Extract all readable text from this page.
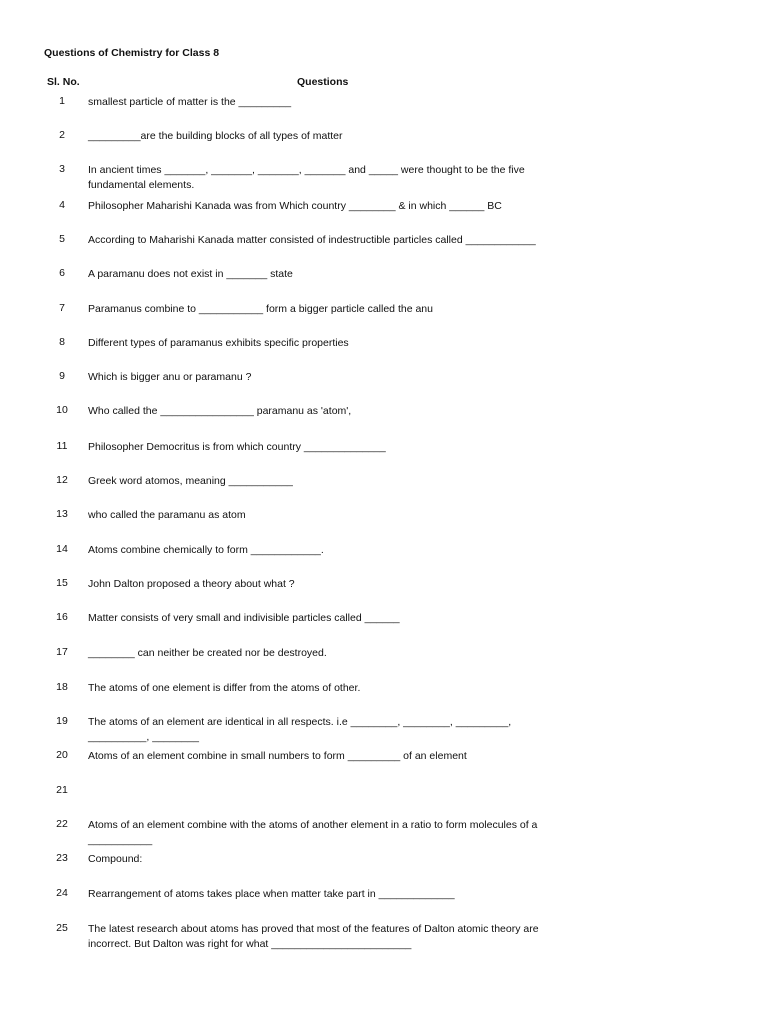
Questions of Chemistry for Class 8
Sl. No.	Questions
1	smallest particle of matter is the _________
2	_________are the building blocks of all types of matter
3	In ancient times _______, _______, _______, _______ and _____ were thought to be the five fundamental elements.
4	Philosopher Maharishi Kanada was from Which country ________ & in which ______ BC
5	According to Maharishi Kanada matter consisted of indestructible particles called ____________
6	A paramanu does not exist in _______ state
7	Paramanus combine to ___________ form a bigger particle called the anu
8	Different types of paramanus exhibits specific properties
9	Which is bigger anu or paramanu ?
10	Who called the ________________ paramanu as 'atom',
11	Philosopher Democritus is from which country ______________
12	Greek word atomos, meaning ___________
13	who called the paramanu as atom
14	Atoms combine chemically to form ____________.
15	John Dalton proposed a theory about what ?
16	Matter consists of very small and indivisible particles called ______
17	________ can neither be created nor be destroyed.
18	The atoms of one element is differ from the atoms of other.
19	The atoms of an element are identical in all respects. i.e ________, ________, _________, __________, ________
20	Atoms of an element combine in small numbers to form _________ of an element
21
22	Atoms of an element combine with the atoms of another element in a ratio to form molecules of a ___________
23	Compound:
24	Rearrangement of atoms takes place when matter take part in _____________
25	The latest research about atoms has proved that most of the features of Dalton atomic theory are incorrect. But Dalton was right for what ________________________
